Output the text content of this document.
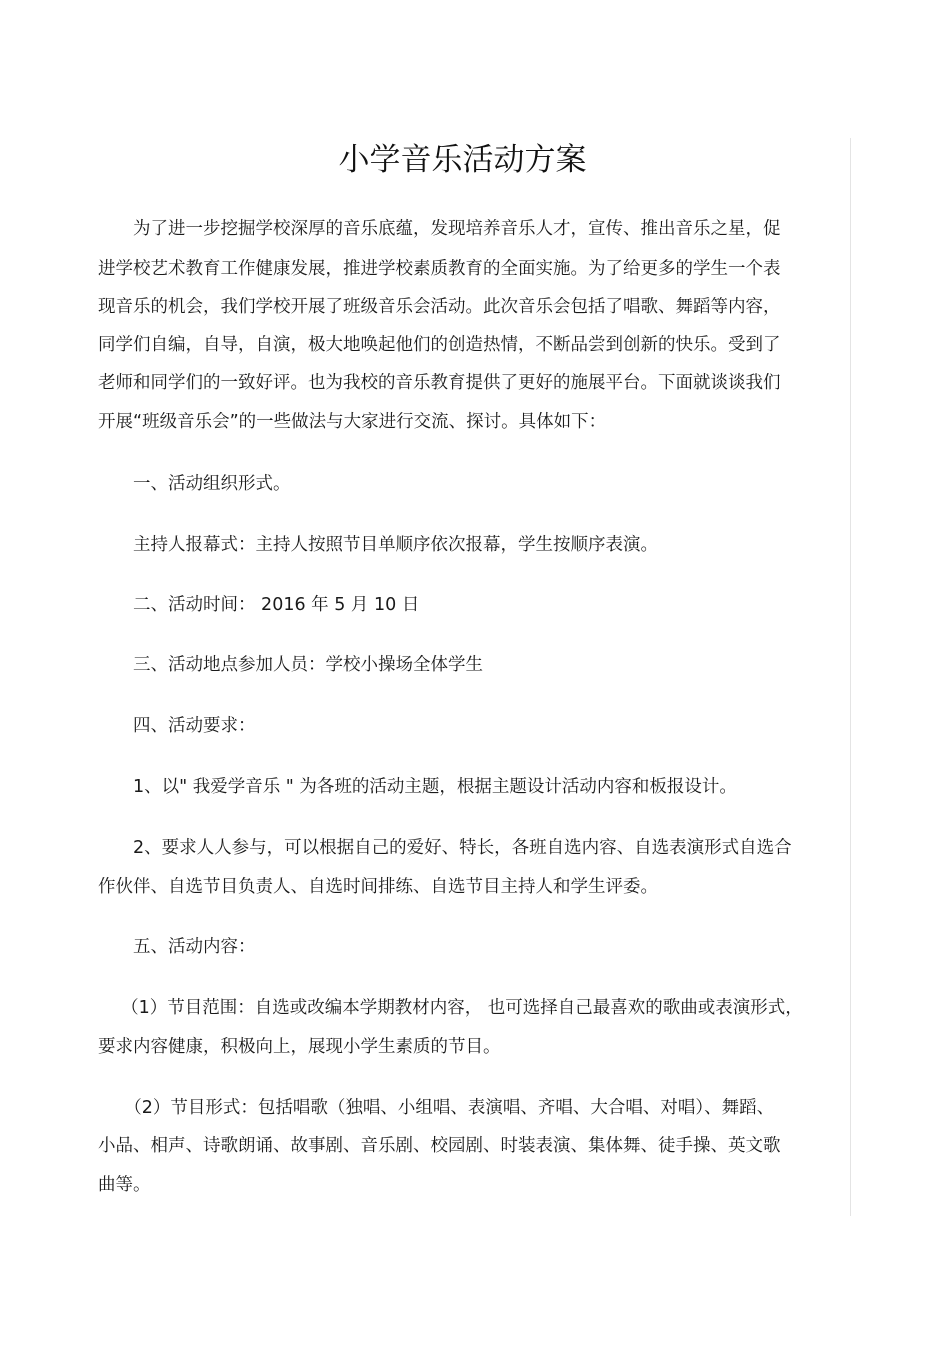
小学音乐活动方案
　　为了进一步挖掘学校深厚的音乐底蕴，发现培养音乐人才，宣传、推出音乐之星，促
进学校艺术教育工作健康发展，推进学校素质教育的全面实施。为了给更多的学生一个表
现音乐的机会，我们学校开展了班级音乐会活动。此次音乐会包括了唱歌、舞蹈等内容，
同学们自编，自导，自演，极大地唤起他们的创造热情，不断品尝到创新的快乐。受到了
老师和同学们的一致好评。也为我校的音乐教育提供了更好的施展平台。下面就谈谈我们
开展“班级音乐会”的一些做法与大家进行交流、探讨。具体如下：
　　一、活动组织形式。
　　主持人报幕式：主持人按照节目单顺序依次报幕，学生按顺序表演。
　　二、活动时间： 2016 年 5 月 10 日
　　三、活动地点参加人员：学校小操场全体学生
　　四、活动要求：
　　1、以" 我爱学音乐 " 为各班的活动主题，根据主题设计活动内容和板报设计。
　　2、要求人人参与，可以根据自己的爱好、特长，各班自选内容、自选表演形式自选合
作伙伴、自选节目负责人、自选时间排练、自选节目主持人和学生评委。
　　五、活动内容：
　 （1）节目范围：自选或改编本学期教材内容， 也可选择自己最喜欢的歌曲或表演形式，
要求内容健康，积极向上，展现小学生素质的节目。
　　（2）节目形式：包括唱歌（独唱、小组唱、表演唱、齐唱、大合唱、对唱）、舞蹈、
小品、相声、诗歌朗诵、故事剧、音乐剧、校园剧、时装表演、集体舞、徒手操、英文歌
曲等。
